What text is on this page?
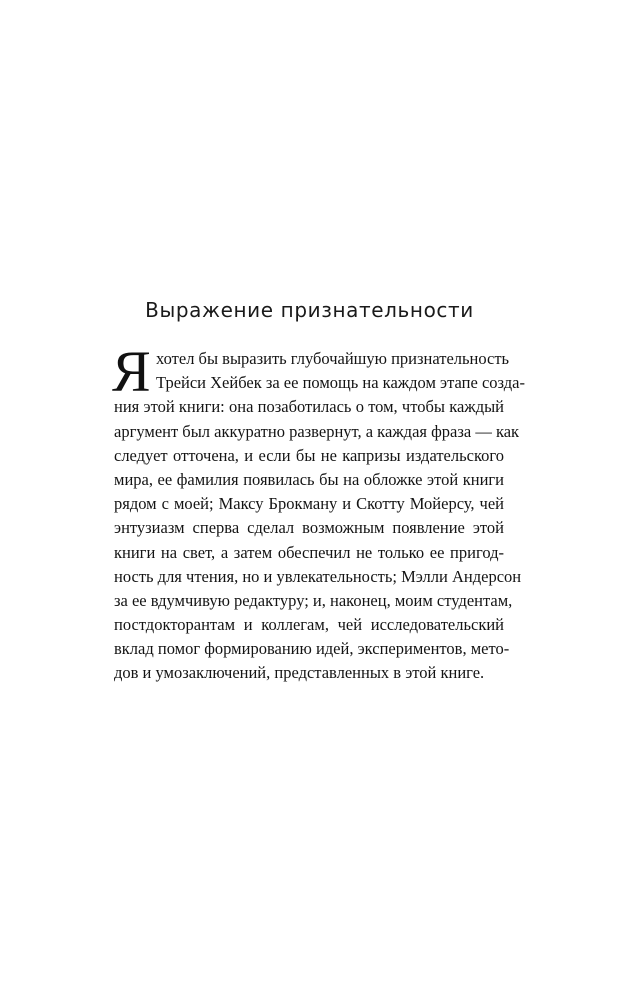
Выражение признательности
Я хотел бы выразить глубочайшую признательность
Трейси Хейбек за ее помощь на каждом этапе созда-
ния этой книги: она позаботилась о том, чтобы каждый
аргумент был аккуратно развернут, а каждая фраза — как
следует отточена, и если бы не капризы издательского
мира, ее фамилия появилась бы на обложке этой книги
рядом с моей; Максу Брокману и Скотту Мойерсу, чей
энтузиазм сперва сделал возможным появление этой
книги на свет, а затем обеспечил не только ее пригод-
ность для чтения, но и увлекательность; Мэлли Андерсон
за ее вдумчивую редактуру; и, наконец, моим студентам,
постдокторантам и коллегам, чей исследовательский
вклад помог формированию идей, экспериментов, мето-
дов и умозаключений, представленных в этой книге.
